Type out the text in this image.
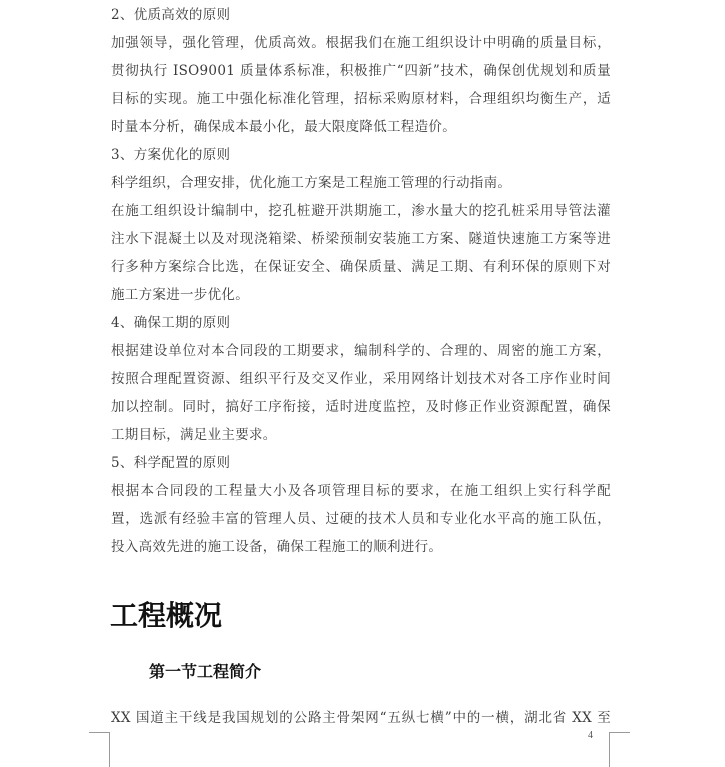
2、优质高效的原则
加强领导，强化管理，优质高效。根据我们在施工组织设计中明确的质量目标，
贯彻执行 ISO9001 质量体系标准，积极推广“四新”技术，确保创优规划和质量
目标的实现。施工中强化标准化管理，招标采购原材料，合理组织均衡生产，适
时量本分析，确保成本最小化，最大限度降低工程造价。
3、方案优化的原则
科学组织，合理安排，优化施工方案是工程施工管理的行动指南。
在施工组织设计编制中，挖孔桩避开洪期施工，渗水量大的挖孔桩采用导管法灌
注水下混凝土以及对现浇箱梁、桥梁预制安装施工方案、隧道快速施工方案等进
行多种方案综合比选，在保证安全、确保质量、满足工期、有利环保的原则下对
施工方案进一步优化。
4、确保工期的原则
根据建设单位对本合同段的工期要求，编制科学的、合理的、周密的施工方案，
按照合理配置资源、组织平行及交叉作业，采用网络计划技术对各工序作业时间
加以控制。同时，搞好工序衔接，适时进度监控，及时修正作业资源配置，确保
工期目标，满足业主要求。
5、科学配置的原则
根据本合同段的工程量大小及各项管理目标的要求，在施工组织上实行科学配
置，选派有经验丰富的管理人员、过硬的技术人员和专业化水平高的施工队伍，
投入高效先进的施工设备，确保工程施工的顺利进行。
工程概况
第一节工程简介
XX 国道主干线是我国规划的公路主骨架网“五纵七横”中的一横，湖北省 XX 至
4
